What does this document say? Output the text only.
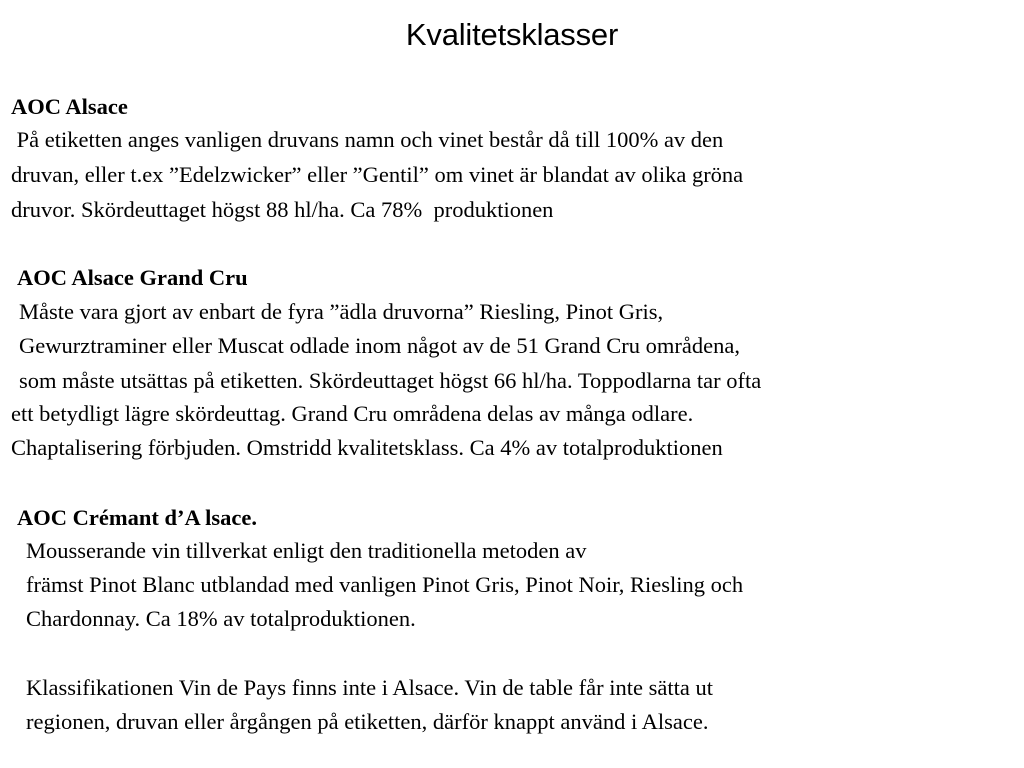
Kvalitetsklasser
AOC Alsace
På etiketten anges vanligen druvans namn och vinet består då till 100% av den
druvan, eller t.ex ”Edelzwicker” eller ”Gentil” om vinet är blandat av olika gröna
druvor. Skördeuttaget högst 88 hl/ha. Ca 78%  produktionen
AOC Alsace Grand Cru
Måste vara gjort av enbart de fyra ”ädla druvorna” Riesling, Pinot Gris,
Gewurztraminer eller Muscat odlade inom något av de 51 Grand Cru områdena,
som måste utsättas på etiketten. Skördeuttaget högst 66 hl/ha. Toppodlarna tar ofta
ett betydligt lägre skördeuttag. Grand Cru områdena delas av många odlare.
Chaptalisering förbjuden. Omstridd kvalitetsklass. Ca 4% av totalproduktionen
AOC Crémant d’A lsace.
Mousserande vin tillverkat enligt den traditionella metoden av
främst Pinot Blanc utblandad med vanligen Pinot Gris, Pinot Noir, Riesling och
Chardonnay. Ca 18% av totalproduktionen.
Klassifikationen Vin de Pays finns inte i Alsace. Vin de table får inte sätta ut
regionen, druvan eller årgången på etiketten, därför knappt använd i Alsace.
